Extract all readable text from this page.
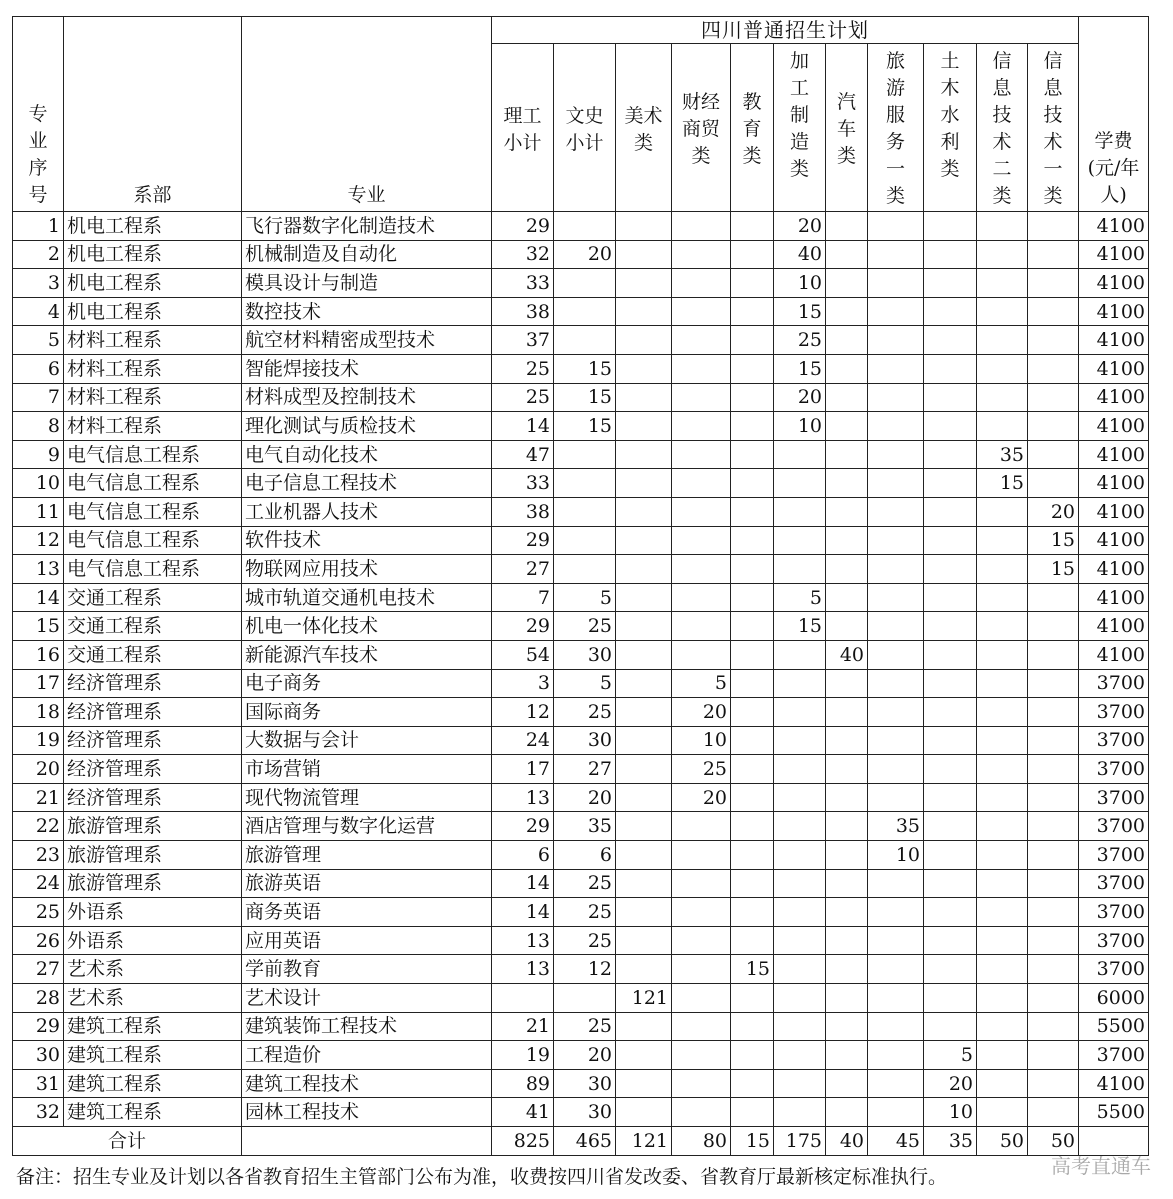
专业序号	系部	专业	四川普通招生计划											学费(元/年人)
			理工小计	文史小计	美术类	财经商贸类	教育类	加工制造类	汽车类	旅游服务一类	土木水利类	信息技术二类	信息技术一类	
1	机电工程系	飞行器数字化制造技术	29					20						4100
2	机电工程系	机械制造及自动化	32	20				40						4100
3	机电工程系	模具设计与制造	33					10						4100
4	机电工程系	数控技术	38					15						4100
5	材料工程系	航空材料精密成型技术	37					25						4100
6	材料工程系	智能焊接技术	25	15				15						4100
7	材料工程系	材料成型及控制技术	25	15				20						4100
8	材料工程系	理化测试与质检技术	14	15				10						4100
9	电气信息工程系	电气自动化技术	47									35		4100
10	电气信息工程系	电子信息工程技术	33									15		4100
11	电气信息工程系	工业机器人技术	38										20	4100
12	电气信息工程系	软件技术	29										15	4100
13	电气信息工程系	物联网应用技术	27										15	4100
14	交通工程系	城市轨道交通机电技术	7	5				5						4100
15	交通工程系	机电一体化技术	29	25				15						4100
16	交通工程系	新能源汽车技术	54	30					40					4100
17	经济管理系	电子商务	3	5		5								3700
18	经济管理系	国际商务	12	25		20								3700
19	经济管理系	大数据与会计	24	30		10								3700
20	经济管理系	市场营销	17	27		25								3700
21	经济管理系	现代物流管理	13	20		20								3700
22	旅游管理系	酒店管理与数字化运营	29	35						35				3700
23	旅游管理系	旅游管理	6	6						10				3700
24	旅游管理系	旅游英语	14	25										3700
25	外语系	商务英语	14	25										3700
26	外语系	应用英语	13	25										3700
27	艺术系	学前教育	13	12			15							3700
28	艺术系	艺术设计			121									6000
29	建筑工程系	建筑装饰工程技术	21	25										5500
30	建筑工程系	工程造价	19	20							5			3700
31	建筑工程系	建筑工程技术	89	30							20			4100
32	建筑工程系	园林工程技术	41	30							10			5500
合计			825	465	121	80	15	175	40	45	35	50	50	
备注：招生专业及计划以各省教育招生主管部门公布为准，收费按四川省发改委、省教育厅最新核定标准执行。	高考直通车
